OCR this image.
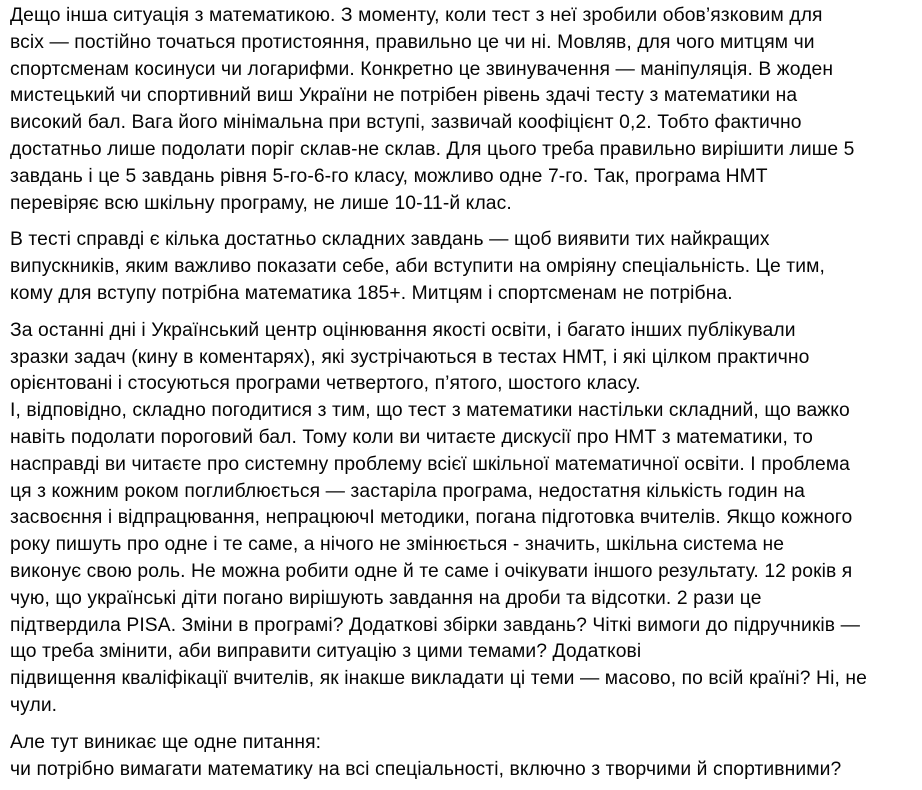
Дещо інша ситуація з математикою. З моменту, коли тест з неї зробили обов’язковим для
всіх — постійно точаться протистояння, правильно це чи ні. Мовляв, для чого митцям чи
спортсменам косинуси чи логарифми. Конкретно це звинувачення — маніпуляція. В жоден
мистецький чи спортивний виш України не потрібен рівень здачі тесту з математики на
високий бал. Вага його мінімальна при вступі, зазвичай коофіцієнт 0,2. Тобто фактично
достатньо лише подолати поріг склав-не склав. Для цього треба правильно вирішити лише 5
завдань і це 5 завдань рівня 5-го-6-го класу, можливо одне 7-го. Так, програма НМТ
перевіряє всю шкільну програму, не лише 10-11-й клас.
В тесті справді є кілька достатньо складних завдань — щоб виявити тих найкращих
випускників, яким важливо показати себе, аби вступити на омріяну спеціальність. Це тим,
кому для вступу потрібна математика 185+. Митцям і спортсменам не потрібна.
За останні дні і Український центр оцінювання якості освіти, і багато інших публікували
зразки задач (кину в коментарях), які зустрічаються в тестах НМТ, і які цілком практично
орієнтовані і стосуються програми четвертого, п’ятого, шостого класу.
І, відповідно, складно погодитися з тим, що тест з математики настільки складний, що важко
навіть подолати пороговий бал. Тому коли ви читаєте дискусії про НМТ з математики, то
насправді ви читаєте про системну проблему всієї шкільної математичної освіти. І проблема
ця з кожним роком поглиблюється — застаріла програма, недостатня кількість годин на
засвоєння і відпрацювання, непрацюючІ методики, погана підготовка вчителів. Якщо кожного
року пишуть про одне і те саме, а нічого не змінюється - значить, шкільна система не
виконує свою роль. Не можна робити одне й те саме і очікувати іншого результату. 12 років я
чую, що українські діти погано вирішують завдання на дроби та відсотки. 2 рази це
підтвердила PISA. Зміни в програмі? Додаткові збірки завдань? Чіткі вимоги до підручників —
що треба змінити, аби виправити ситуацію з цими темами? Додаткові
підвищення кваліфікації вчителів, як інакше викладати ці теми — масово, по всій країні? Ні, не
чули.
Але тут виникає ще одне питання:
чи потрібно вимагати математику на всі спеціальності, включно з творчими й спортивними?
